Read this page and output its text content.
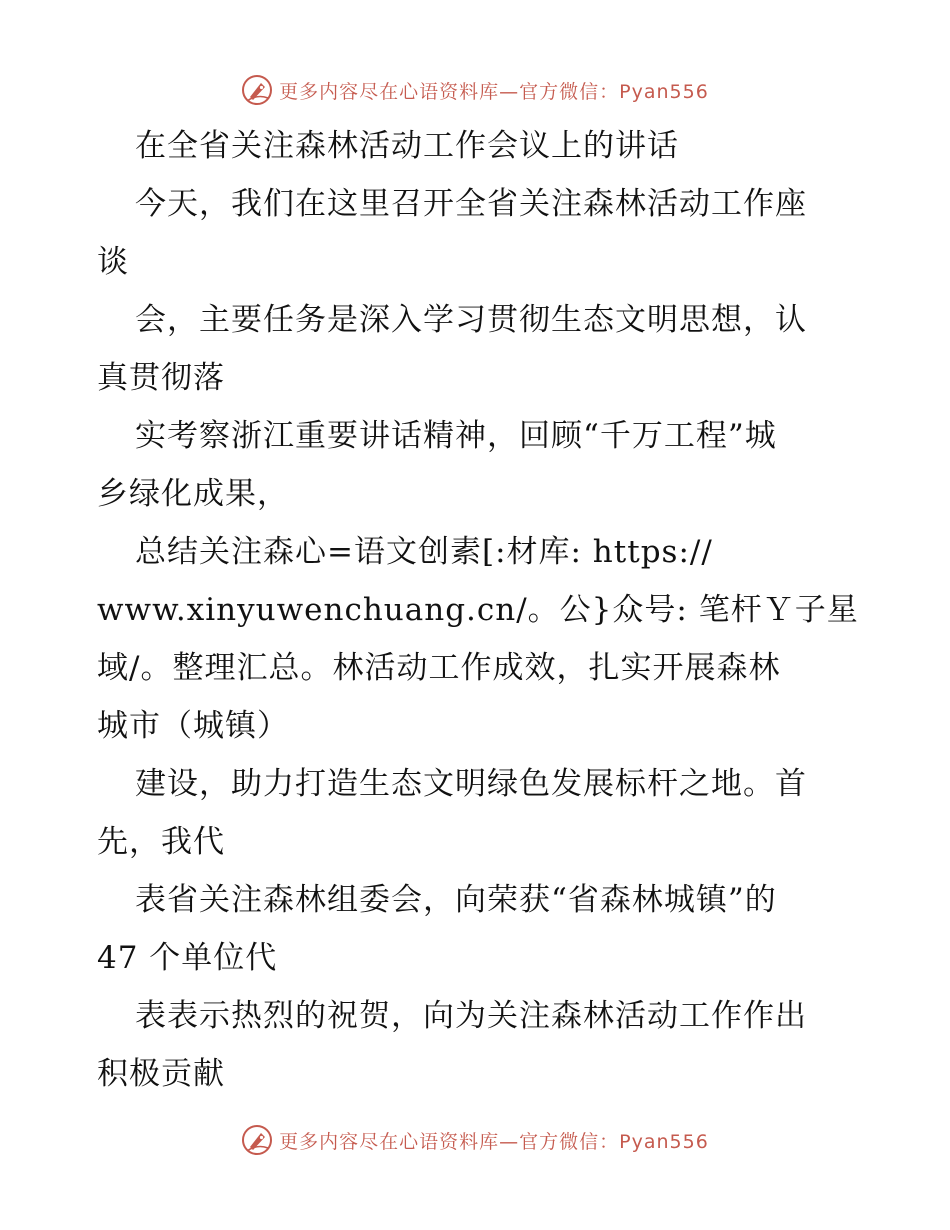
更多内容尽在心语资料库—官方微信：Pyan556
在全省关注森林活动工作会议上的讲话
今天，我们在这里召开全省关注森林活动工作座
谈
会，主要任务是深入学习贯彻生态文明思想，认
真贯彻落
实考察浙江重要讲话精神，回顾“千万工程”城
乡绿化成果，
总结关注森心=语文创素[:材库: https://
www.xinyuwenchuang.cn/。公}众号: 笔杆Ｙ子星
域/。整理汇总。林活动工作成效，扎实开展森林
城市（城镇）
建设，助力打造生态文明绿色发展标杆之地。首
先，我代
表省关注森林组委会，向荣获“省森林城镇”的
47 个单位代
表表示热烈的祝贺，向为关注森林活动工作作出
积极贡献
更多内容尽在心语资料库—官方微信：Pyan556
